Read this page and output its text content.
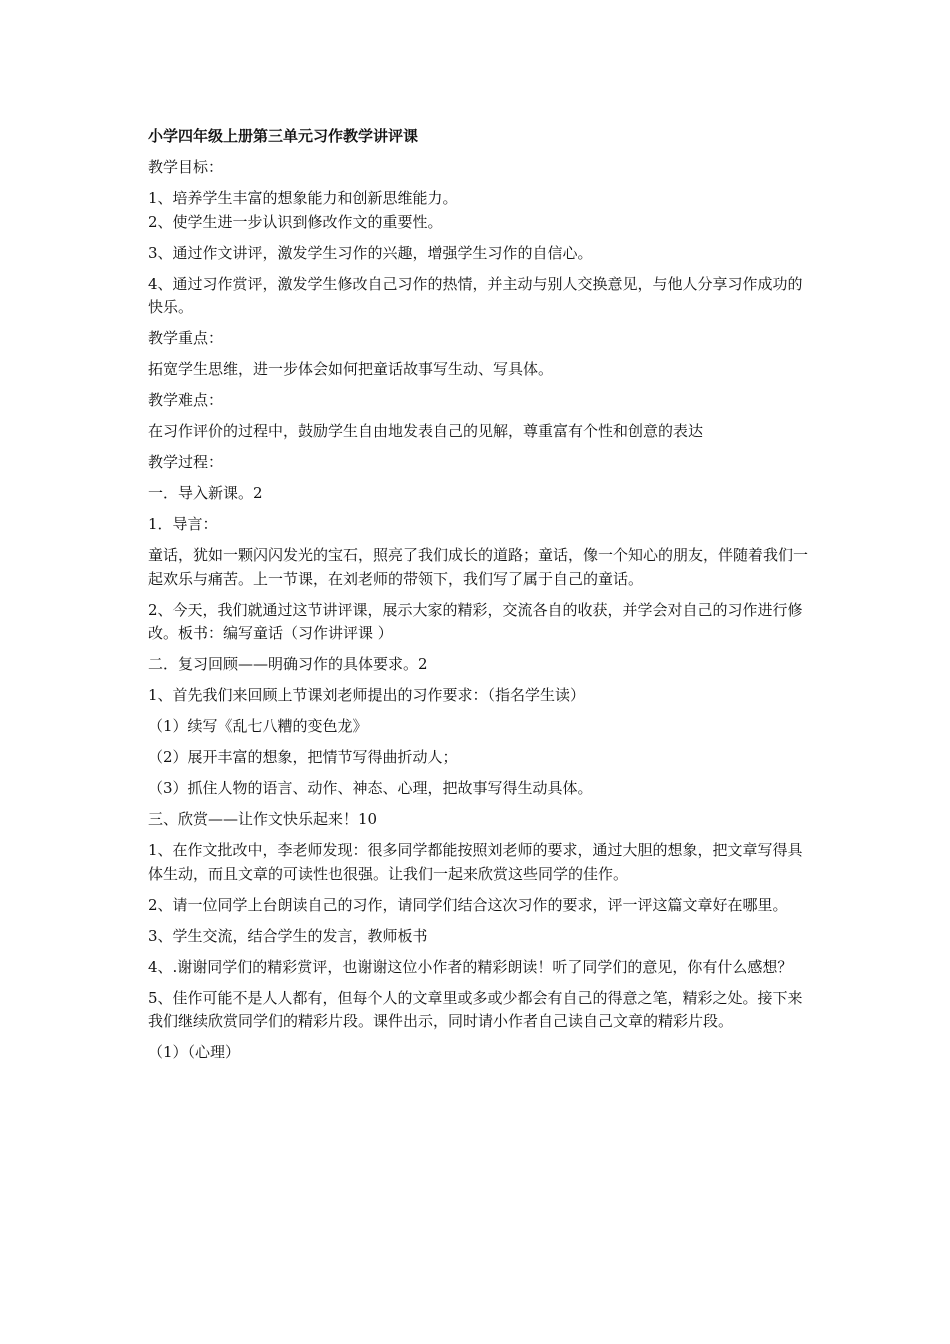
小学四年级上册第三单元习作教学讲评课
教学目标：
1、培养学生丰富的想象能力和创新思维能力。
2、使学生进一步认识到修改作文的重要性。
3、通过作文讲评，激发学生习作的兴趣，增强学生习作的自信心。
4、通过习作赏评，激发学生修改自己习作的热情，并主动与别人交换意见，与他人分享习作成功的快乐。
教学重点：
拓宽学生思维，进一步体会如何把童话故事写生动、写具体。
教学难点：
在习作评价的过程中，鼓励学生自由地发表自己的见解，尊重富有个性和创意的表达
教学过程：
一．导入新课。2
1．导言：
童话，犹如一颗闪闪发光的宝石，照亮了我们成长的道路；童话，像一个知心的朋友，伴随着我们一起欢乐与痛苦。上一节课，在刘老师的带领下，我们写了属于自己的童话。
2、今天，我们就通过这节讲评课，展示大家的精彩，交流各自的收获，并学会对自己的习作进行修改。板书：编写童话（习作讲评课 ）
二．复习回顾——明确习作的具体要求。2
1、首先我们来回顾上节课刘老师提出的习作要求：（指名学生读）
（1）续写《乱七八糟的变色龙》
（2）展开丰富的想象，把情节写得曲折动人；
（3）抓住人物的语言、动作、神态、心理，把故事写得生动具体。
三、欣赏——让作文快乐起来！10
1、在作文批改中，李老师发现：很多同学都能按照刘老师的要求，通过大胆的想象，把文章写得具体生动，而且文章的可读性也很强。让我们一起来欣赏这些同学的佳作。
2、请一位同学上台朗读自己的习作，请同学们结合这次习作的要求，评一评这篇文章好在哪里。
3、学生交流，结合学生的发言，教师板书
4、.谢谢同学们的精彩赏评，也谢谢这位小作者的精彩朗读！听了同学们的意见，你有什么感想？
5、佳作可能不是人人都有，但每个人的文章里或多或少都会有自己的得意之笔，精彩之处。接下来我们继续欣赏同学们的精彩片段。课件出示，同时请小作者自己读自己文章的精彩片段。
（1）（心理）
